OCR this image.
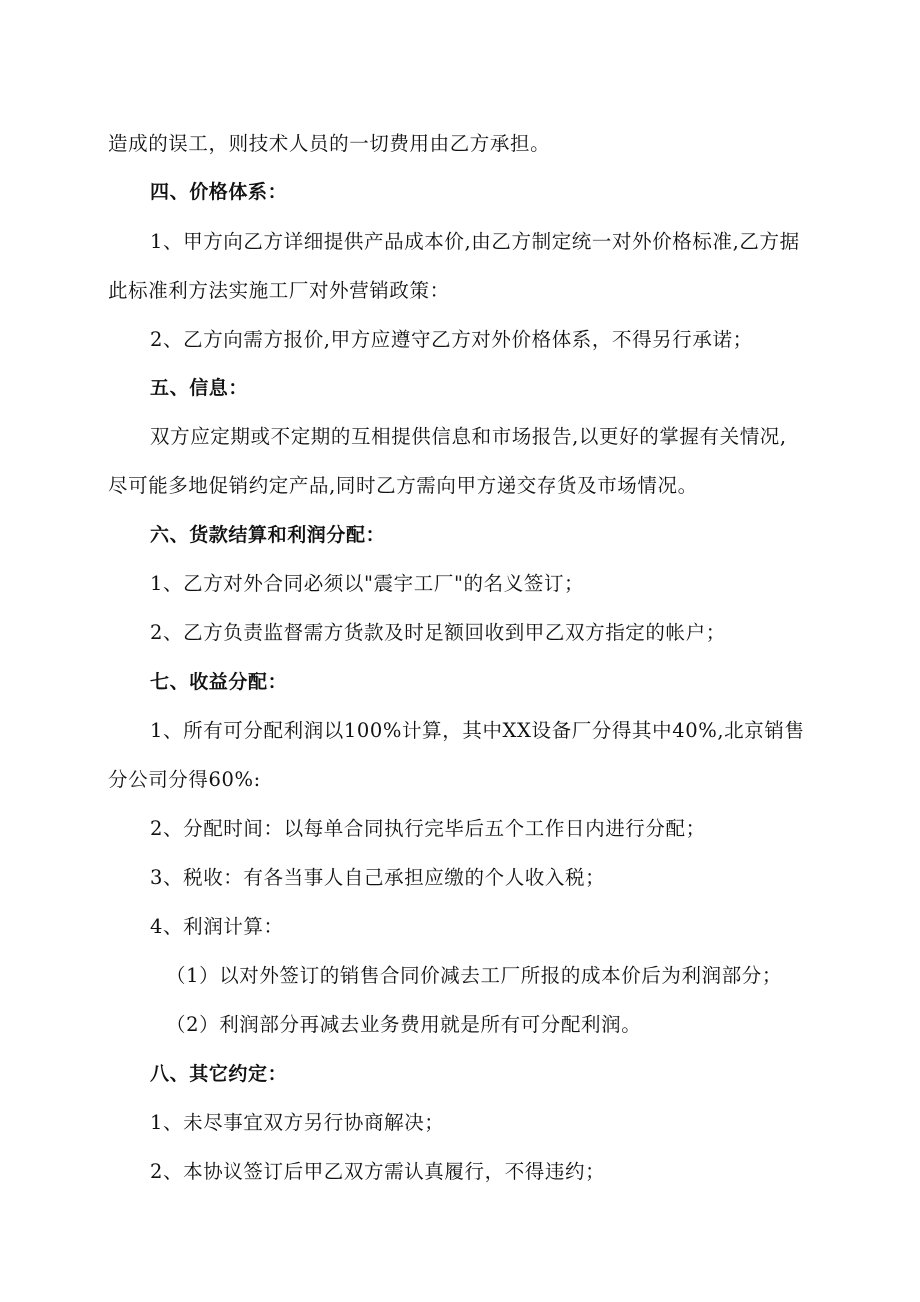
造成的误工，则技术人员的一切费用由乙方承担。
四、价格体系：
1、甲方向乙方详细提供产品成本价,由乙方制定统一对外价格标准,乙方据
此标准利方法实施工厂对外营销政策：
2、乙方向需方报价,甲方应遵守乙方对外价格体系，不得另行承诺；
五、信息：
双方应定期或不定期的互相提供信息和市场报告,以更好的掌握有关情况,
尽可能多地促销约定产品,同时乙方需向甲方递交存货及市场情况。
六、货款结算和利润分配：
1、乙方对外合同必须以"震宇工厂"的名义签订；
2、乙方负责监督需方货款及时足额回收到甲乙双方指定的帐户；
七、收益分配：
1、所有可分配利润以100%计算，其中XX设备厂分得其中40%,北京销售
分公司分得60%:
2、分配时间：以每单合同执行完毕后五个工作日内进行分配；
3、税收：有各当事人自己承担应缴的个人收入税；
4、利润计算：
（1）以对外签订的销售合同价减去工厂所报的成本价后为利润部分；
（2）利润部分再减去业务费用就是所有可分配利润。
八、其它约定：
1、未尽事宜双方另行协商解决；
2、本协议签订后甲乙双方需认真履行，不得违约；
